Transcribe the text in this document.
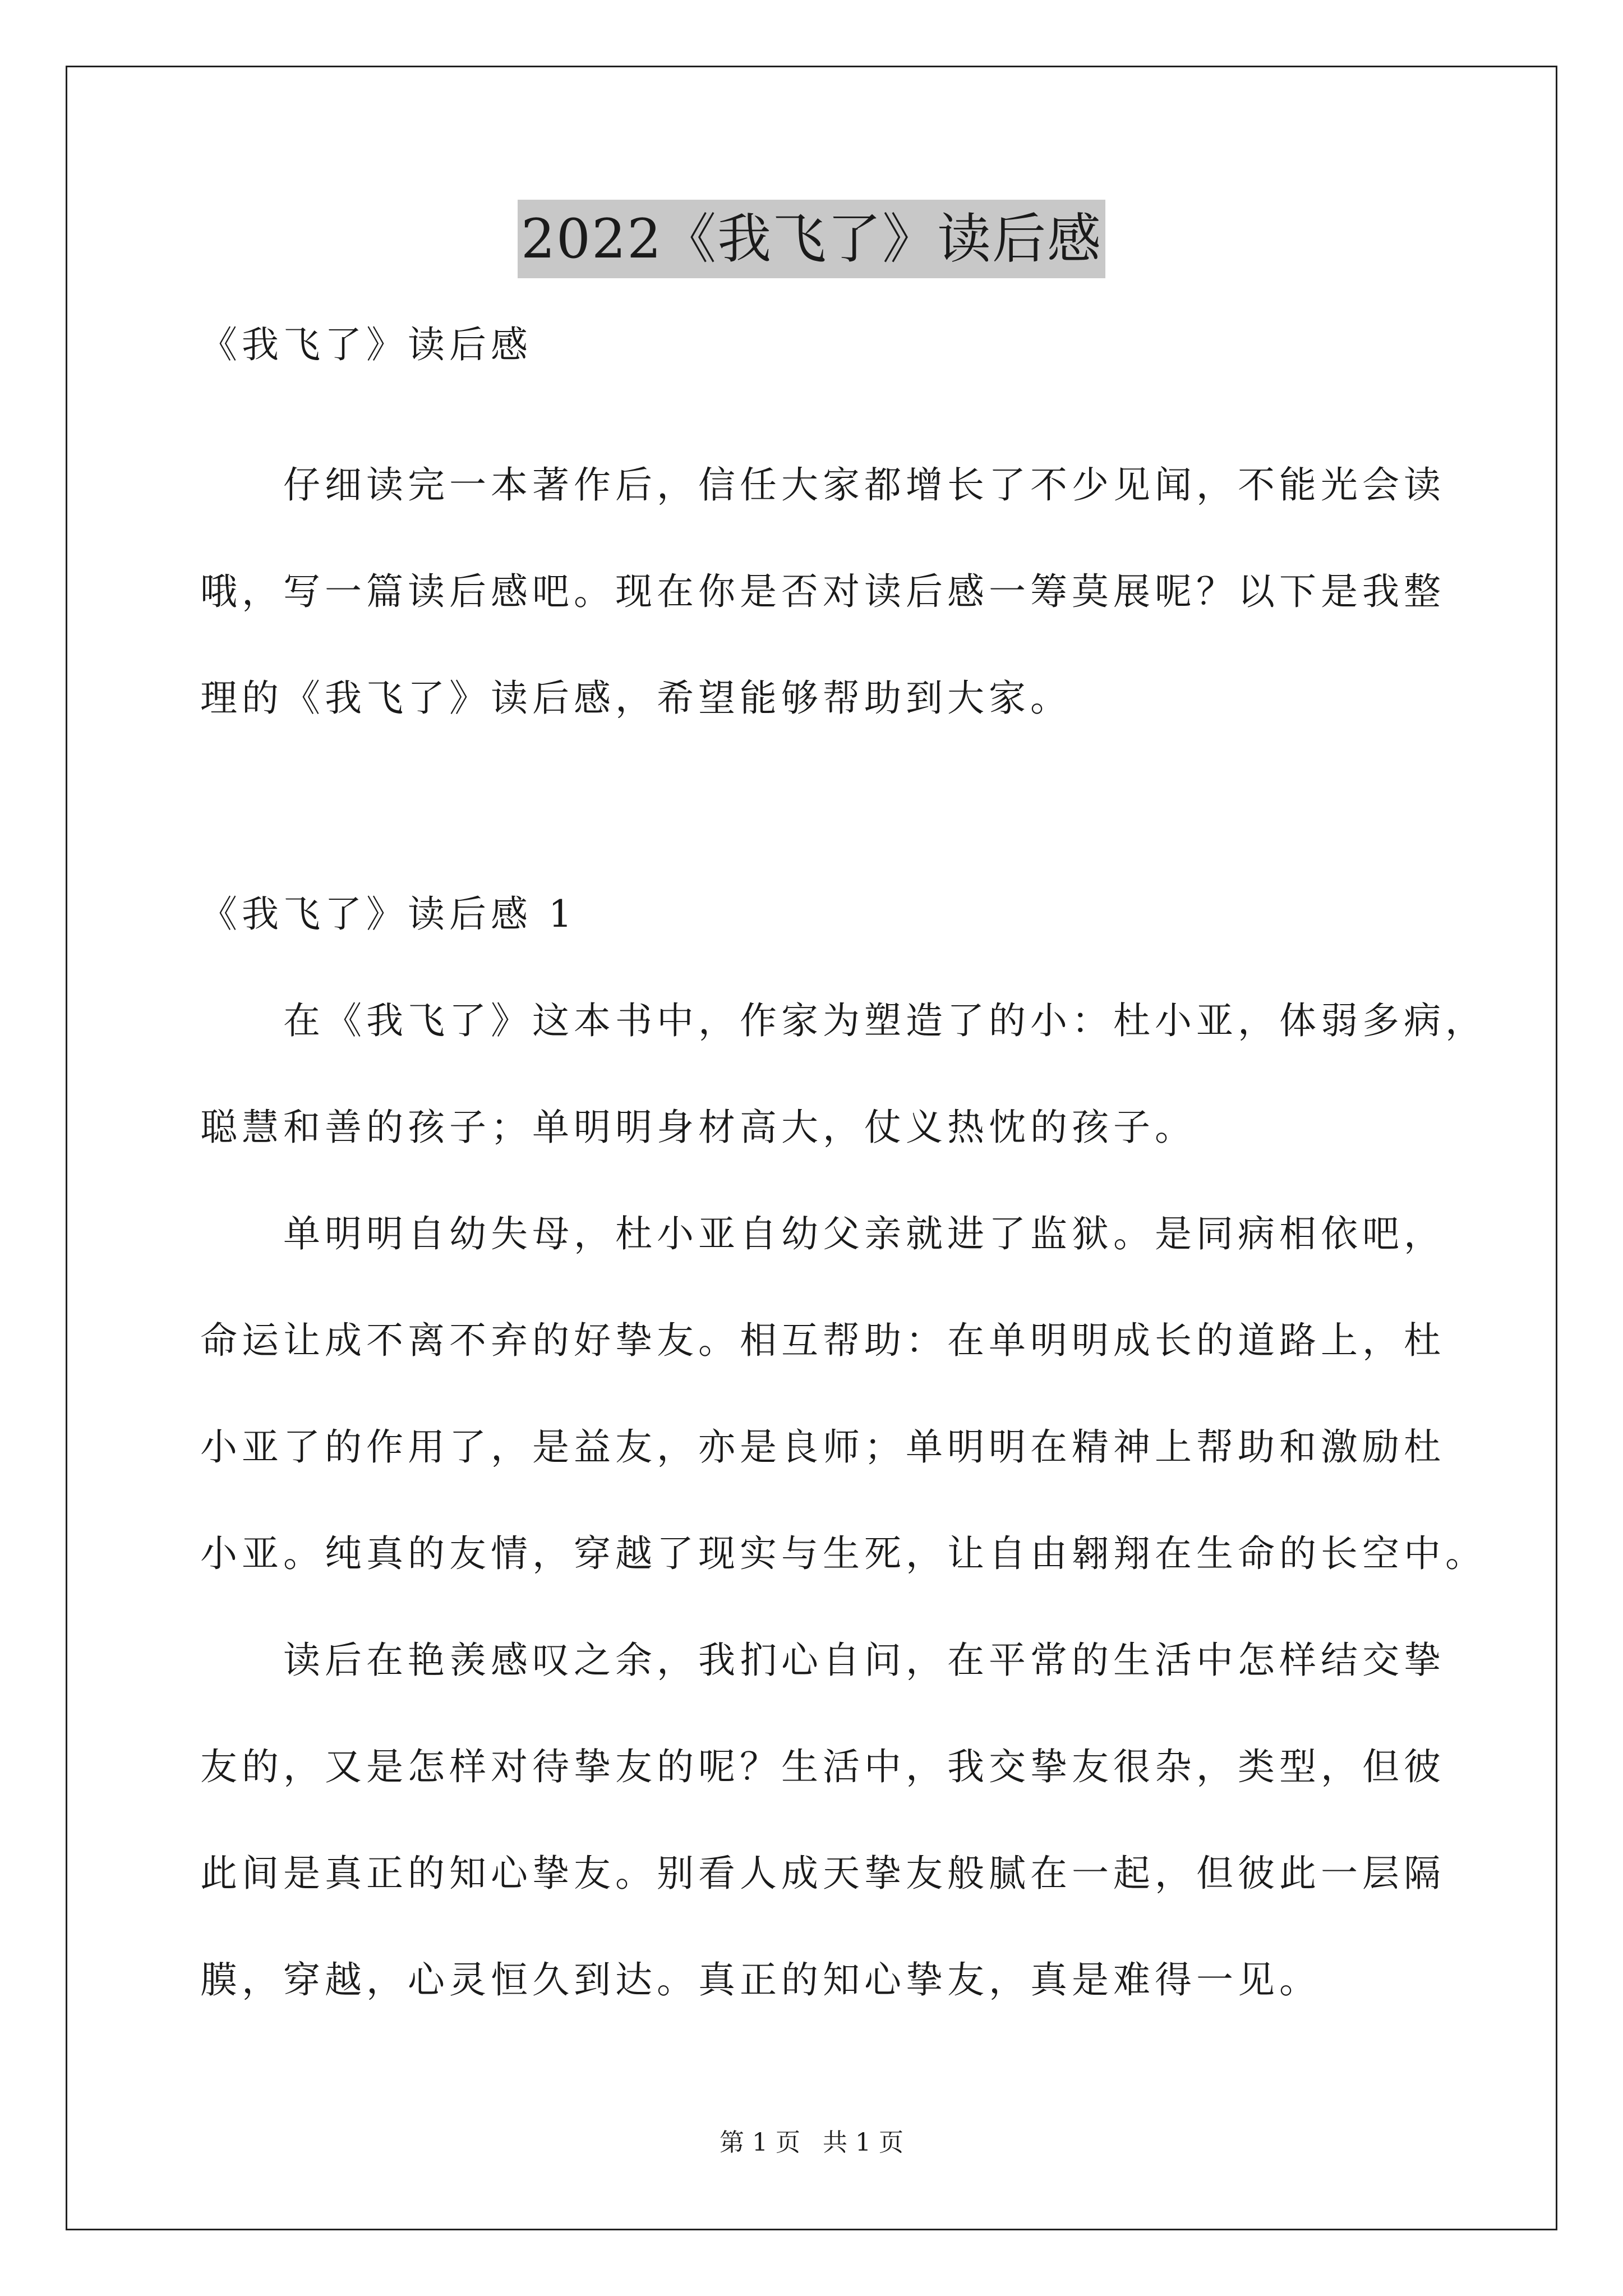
2022《我飞了》读后感
《我飞了》读后感
仔细读完一本著作后，信任大家都增长了不少见闻，不能光会读
哦，写一篇读后感吧。现在你是否对读后感一筹莫展呢？以下是我整
理的《我飞了》读后感，希望能够帮助到大家。
《我飞了》读后感 1
在《我飞了》这本书中，作家为塑造了的小：杜小亚，体弱多病，
聪慧和善的孩子；单明明身材高大，仗义热忱的孩子。
单明明自幼失母，杜小亚自幼父亲就进了监狱。是同病相依吧，
命运让成不离不弃的好挚友。相互帮助：在单明明成长的道路上，杜
小亚了的作用了，是益友，亦是良师；单明明在精神上帮助和激励杜
小亚。纯真的友情，穿越了现实与生死，让自由翱翔在生命的长空中。
读后在艳羡感叹之余，我扪心自问，在平常的生活中怎样结交挚
友的，又是怎样对待挚友的呢？生活中，我交挚友很杂，类型，但彼
此间是真正的知心挚友。别看人成天挚友般腻在一起，但彼此一层隔
膜，穿越，心灵恒久到达。真正的知心挚友，真是难得一见。
第 1 页 共 1 页
